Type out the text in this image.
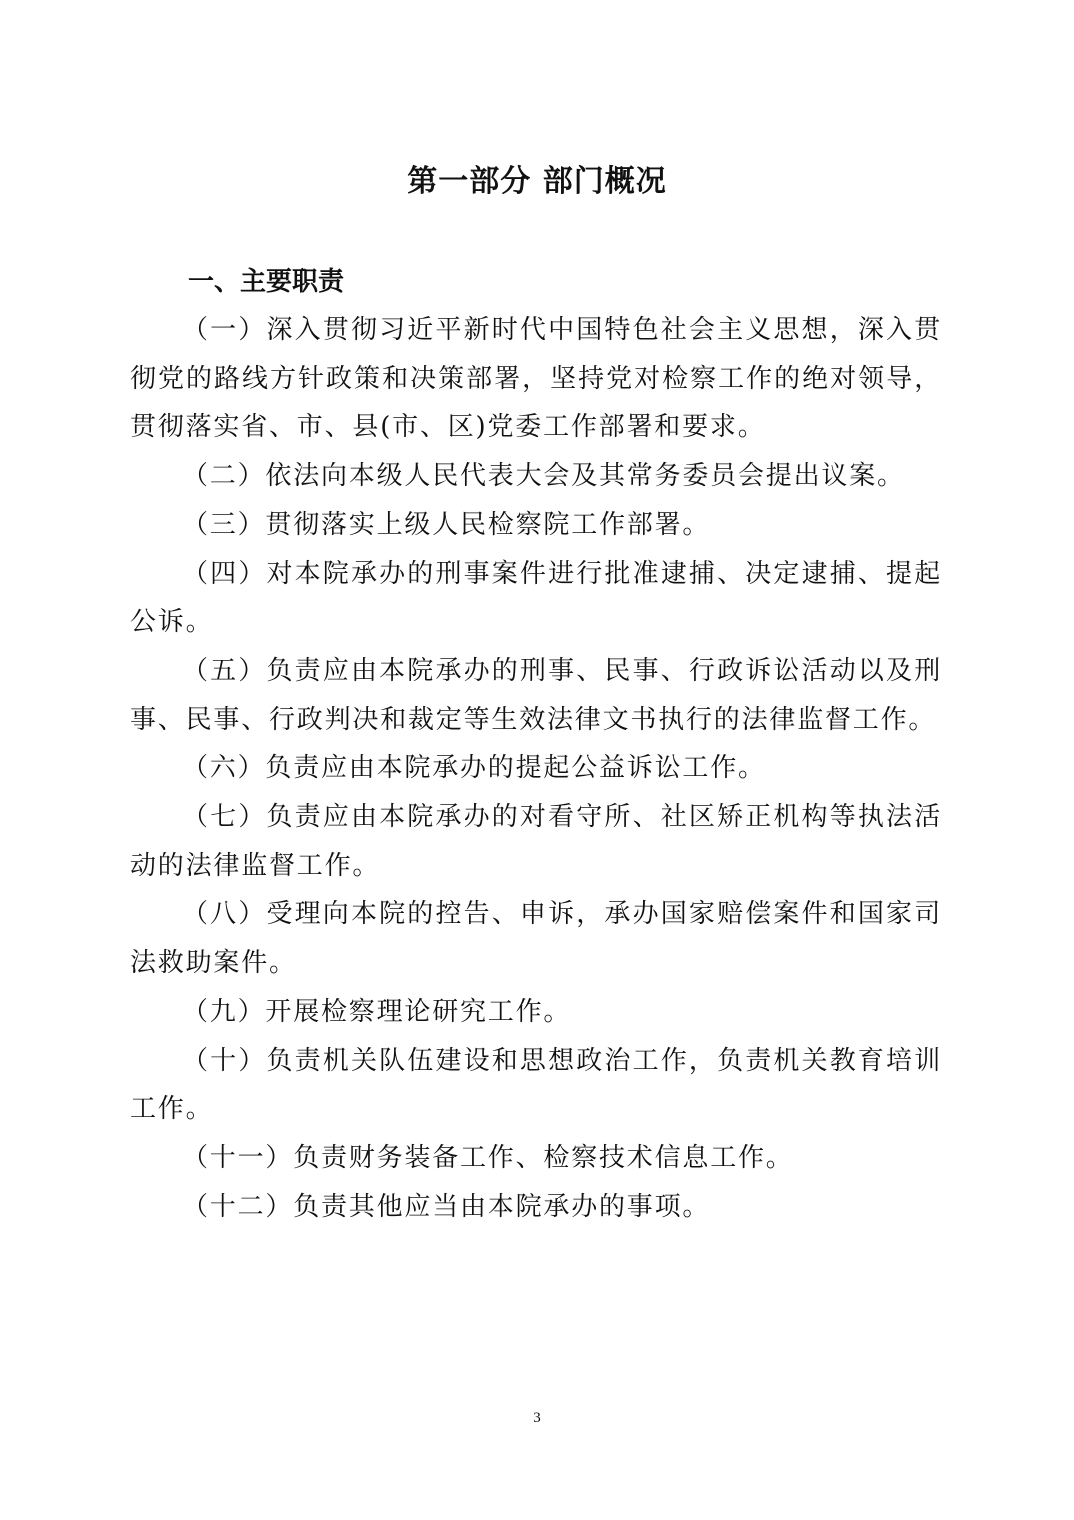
第一部分 部门概况
一、主要职责

（一）深入贯彻习近平新时代中国特色社会主义思想，深入贯彻党的路线方针政策和决策部署，坚持党对检察工作的绝对领导，贯彻落实省、市、县(市、区)党委工作部署和要求。

（二）依法向本级人民代表大会及其常务委员会提出议案。

（三）贯彻落实上级人民检察院工作部署。

（四）对本院承办的刑事案件进行批准逮捕、决定逮捕、提起公诉。

（五）负责应由本院承办的刑事、民事、行政诉讼活动以及刑事、民事、行政判决和裁定等生效法律文书执行的法律监督工作。

（六）负责应由本院承办的提起公益诉讼工作。

（七）负责应由本院承办的对看守所、社区矫正机构等执法活动的法律监督工作。

（八）受理向本院的控告、申诉，承办国家赔偿案件和国家司法救助案件。

（九）开展检察理论研究工作。

（十）负责机关队伍建设和思想政治工作，负责机关教育培训工作。

（十一）负责财务装备工作、检察技术信息工作。

（十二）负责其他应当由本院承办的事项。

3
